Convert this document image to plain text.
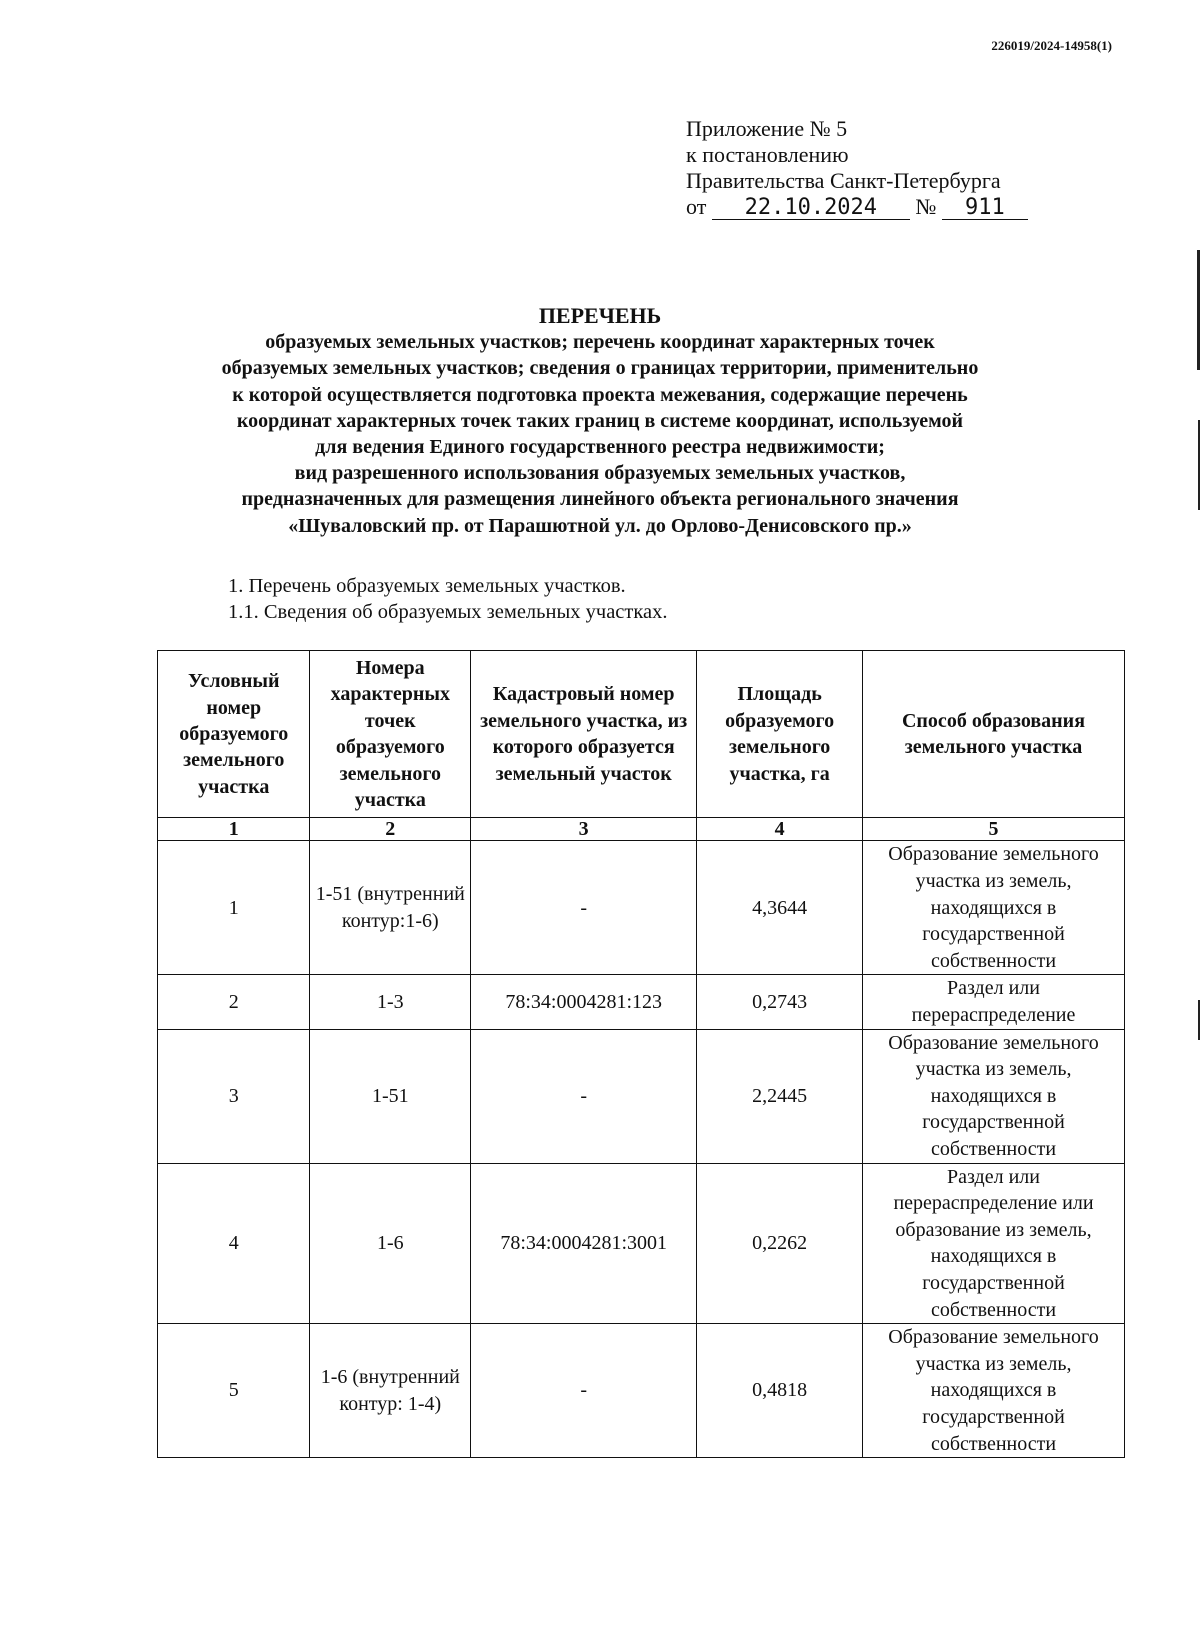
226019/2024-14958(1)
Приложение № 5
к постановлению
Правительства Санкт-Петербурга
от 22.10.2024 № 911
ПЕРЕЧЕНЬ
образуемых земельных участков; перечень координат характерных точек
образуемых земельных участков; сведения о границах территории, применительно
к которой осуществляется подготовка проекта межевания, содержащие перечень
координат характерных точек таких границ в системе координат, используемой
для ведения Единого государственного реестра недвижимости;
вид разрешенного использования образуемых земельных участков,
предназначенных для размещения линейного объекта регионального значения
«Шуваловский пр. от Парашютной ул. до Орлово-Денисовского пр.»
1. Перечень образуемых земельных участков.
1.1. Сведения об образуемых земельных участках.
Условный номер образуемого земельного участка	Номера характерных точек образуемого земельного участка	Кадастровый номер земельного участка, из которого образуется земельный участок	Площадь образуемого земельного участка, га	Способ образования земельного участка
1	2	3	4	5
1	1-51 (внутренний контур:1-6)	-	4,3644	Образование земельного участка из земель, находящихся в государственной собственности
2	1-3	78:34:0004281:123	0,2743	Раздел или перераспределение
3	1-51	-	2,2445	Образование земельного участка из земель, находящихся в государственной собственности
4	1-6	78:34:0004281:3001	0,2262	Раздел или перераспределение или образование из земель, находящихся в государственной собственности
5	1-6 (внутренний контур: 1-4)	-	0,4818	Образование земельного участка из земель, находящихся в государственной собственности
